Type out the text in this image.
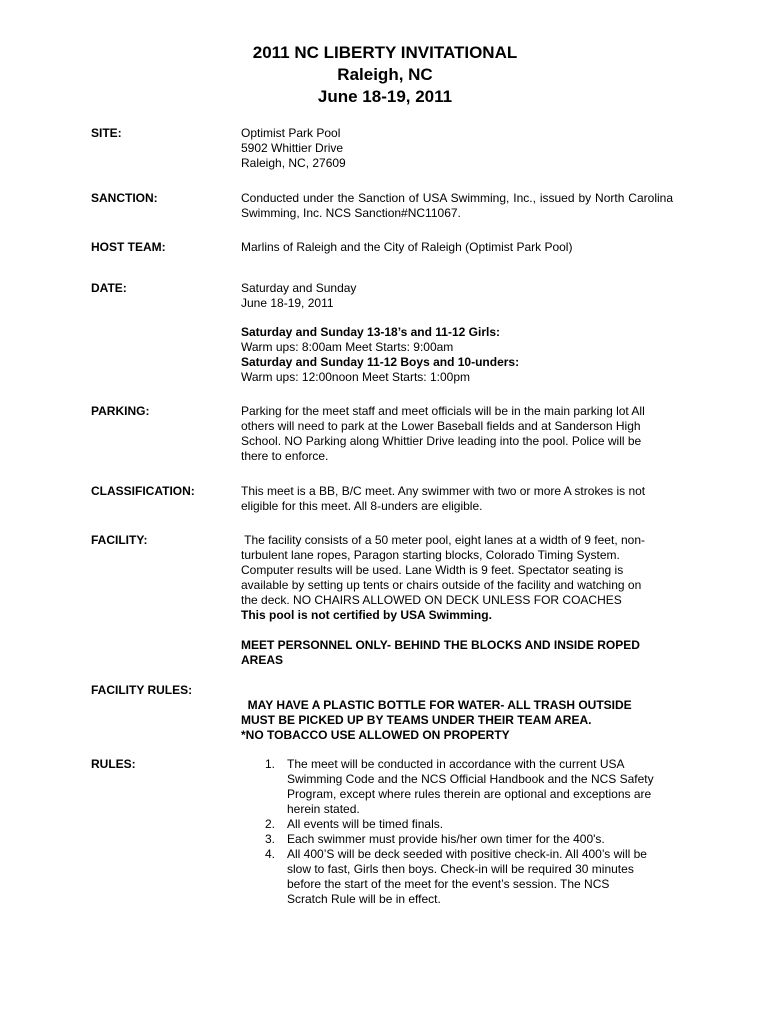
2011 NC LIBERTY INVITATIONAL
Raleigh, NC
June 18-19, 2011
SITE:	Optimist Park Pool
5902 Whittier Drive
Raleigh, NC, 27609
SANCTION:	Conducted under the Sanction of USA Swimming, Inc., issued by North Carolina Swimming, Inc. NCS Sanction#NC11067.
HOST TEAM:	Marlins of Raleigh and the City of Raleigh (Optimist Park Pool)
DATE:	Saturday and Sunday
June 18-19, 2011
Saturday and Sunday 13-18’s and 11-12 Girls:
Warm ups: 8:00am Meet Starts: 9:00am
Saturday and Sunday 11-12 Boys and 10-unders:
Warm ups: 12:00noon Meet Starts: 1:00pm
PARKING:	Parking for the meet staff and meet officials will be in the main parking lot All
others will need to park at the Lower Baseball fields and at Sanderson High
School. NO Parking along Whittier Drive leading into the pool. Police will be
there to enforce.
CLASSIFICATION:	This meet is a BB, B/C meet. Any swimmer with two or more A strokes is not
eligible for this meet. All 8-unders are eligible.
FACILITY:	The facility consists of a 50 meter pool, eight lanes at a width of 9 feet, non-
turbulent lane ropes, Paragon starting blocks, Colorado Timing System.
Computer results will be used. Lane Width is 9 feet. Spectator seating is
available by setting up tents or chairs outside of the facility and watching on
the deck. NO CHAIRS ALLOWED ON DECK UNLESS FOR COACHES
This pool is not certified by USA Swimming.
MEET PERSONNEL ONLY- BEHIND THE BLOCKS AND INSIDE ROPED
AREAS
FACILITY RULES:
MAY HAVE A PLASTIC BOTTLE FOR WATER- ALL TRASH OUTSIDE
MUST BE PICKED UP BY TEAMS UNDER THEIR TEAM AREA.
*NO TOBACCO USE ALLOWED ON PROPERTY
RULES:	1. The meet will be conducted in accordance with the current USA
Swimming Code and the NCS Official Handbook and the NCS Safety
Program, except where rules therein are optional and exceptions are
herein stated.
2. All events will be timed finals.
3. Each swimmer must provide his/her own timer for the 400's.
4. All 400’S will be deck seeded with positive check-in. All 400’s will be
slow to fast, Girls then boys. Check-in will be required 30 minutes
before the start of the meet for the event’s session. The NCS
Scratch Rule will be in effect.
